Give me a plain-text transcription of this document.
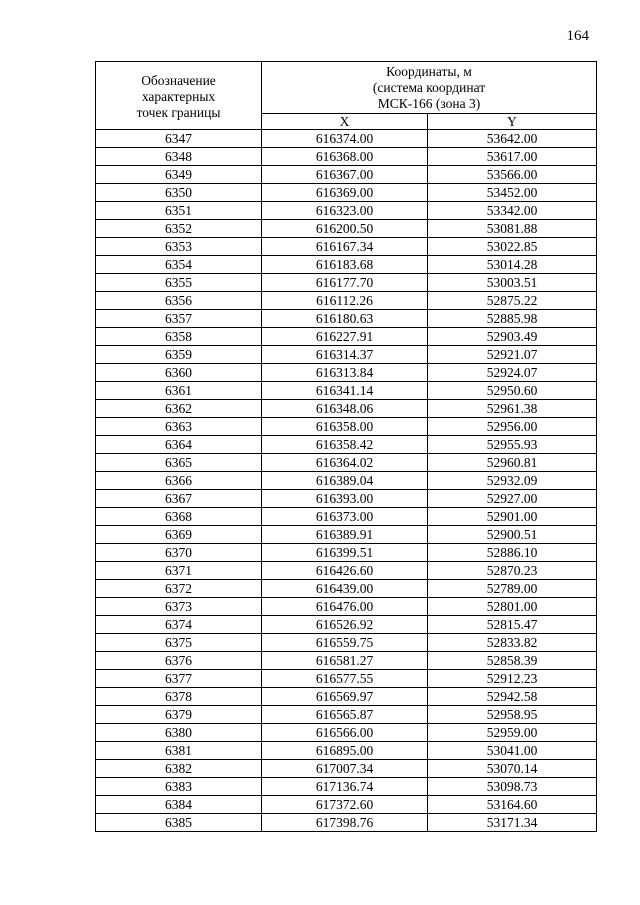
164
Обозначение
характерных
точек границы	Координаты, м
(система координат
МСК-166 (зона 3)	
	X	Y
6347	616374.00	53642.00
6348	616368.00	53617.00
6349	616367.00	53566.00
6350	616369.00	53452.00
6351	616323.00	53342.00
6352	616200.50	53081.88
6353	616167.34	53022.85
6354	616183.68	53014.28
6355	616177.70	53003.51
6356	616112.26	52875.22
6357	616180.63	52885.98
6358	616227.91	52903.49
6359	616314.37	52921.07
6360	616313.84	52924.07
6361	616341.14	52950.60
6362	616348.06	52961.38
6363	616358.00	52956.00
6364	616358.42	52955.93
6365	616364.02	52960.81
6366	616389.04	52932.09
6367	616393.00	52927.00
6368	616373.00	52901.00
6369	616389.91	52900.51
6370	616399.51	52886.10
6371	616426.60	52870.23
6372	616439.00	52789.00
6373	616476.00	52801.00
6374	616526.92	52815.47
6375	616559.75	52833.82
6376	616581.27	52858.39
6377	616577.55	52912.23
6378	616569.97	52942.58
6379	616565.87	52958.95
6380	616566.00	52959.00
6381	616895.00	53041.00
6382	617007.34	53070.14
6383	617136.74	53098.73
6384	617372.60	53164.60
6385	617398.76	53171.34
